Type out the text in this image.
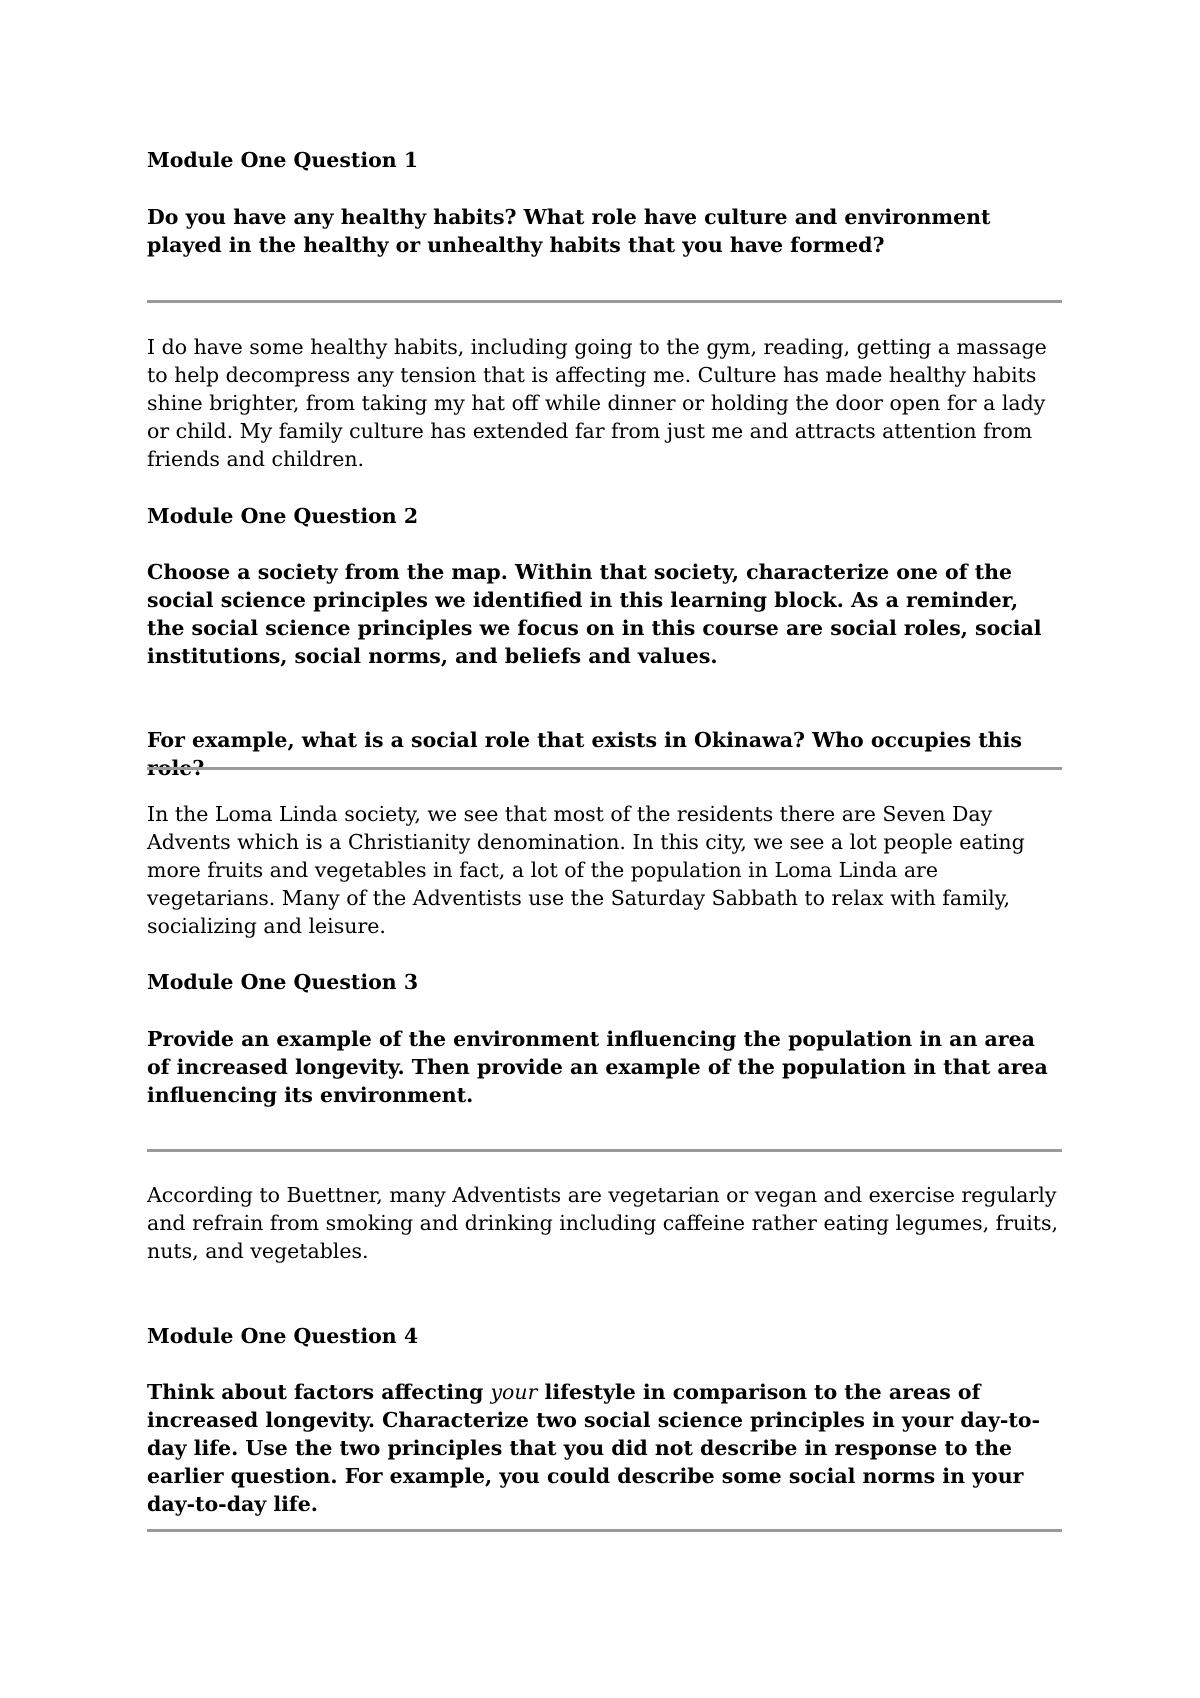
Module One Question 1
Do you have any healthy habits? What role have culture and environment played in the healthy or unhealthy habits that you have formed?
I do have some healthy habits, including going to the gym, reading, getting a massage to help decompress any tension that is affecting me. Culture has made healthy habits shine brighter, from taking my hat off while dinner or holding the door open for a lady or child. My family culture has extended far from just me and attracts attention from friends and children.
Module One Question 2
Choose a society from the map. Within that society, characterize one of the social science principles we identified in this learning block. As a reminder, the social science principles we focus on in this course are social roles, social institutions, social norms, and beliefs and values.
For example, what is a social role that exists in Okinawa? Who occupies this role?
In the Loma Linda society, we see that most of the residents there are Seven Day Advents which is a Christianity denomination. In this city, we see a lot people eating more fruits and vegetables in fact, a lot of the population in Loma Linda are vegetarians. Many of the Adventists use the Saturday Sabbath to relax with family, socializing and leisure.
Module One Question 3
Provide an example of the environment influencing the population in an area of increased longevity. Then provide an example of the population in that area influencing its environment.
According to Buettner, many Adventists are vegetarian or vegan and exercise regularly and refrain from smoking and drinking including caffeine rather eating legumes, fruits, nuts, and vegetables.
Module One Question 4
Think about factors affecting your lifestyle in comparison to the areas of increased longevity. Characterize two social science principles in your day-to-day life. Use the two principles that you did not describe in response to the earlier question. For example, you could describe some social norms in your day-to-day life.
